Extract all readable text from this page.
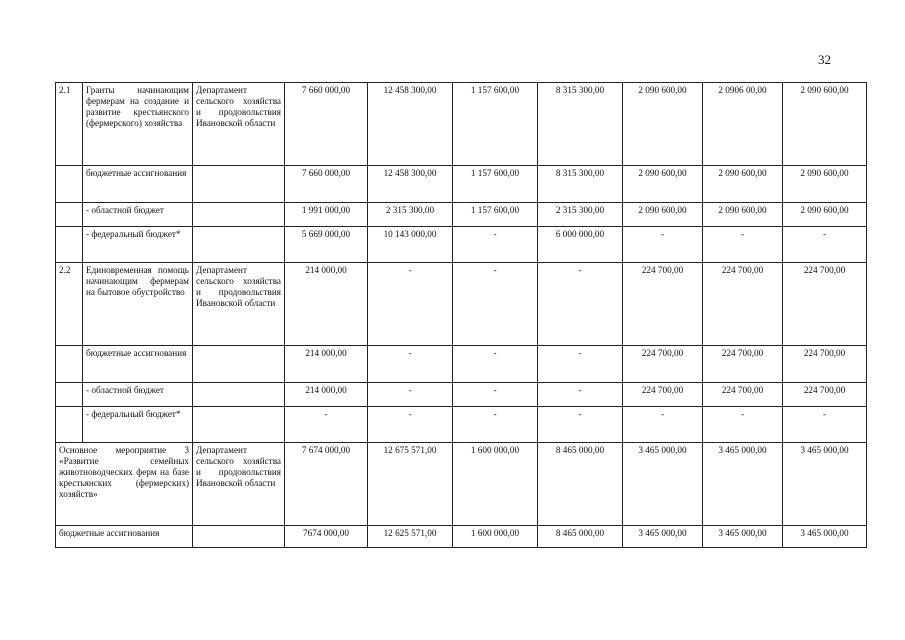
32
2.1	Гранты начинающим фермерам на создание и развитие крестьянского (фермерского) хозяйства	Департамент сельского хозяйства и продовольствия Ивановской области	7 660 000,00	12 458 300,00	1 157 600,00	8 315 300,00	2 090 600,00	2 0906 00,00	2 090 600,00
	бюджетные ассигнования		7 660 000,00	12 458 300,00	1 157 600,00	8 315 300,00	2 090 600,00	2 090 600,00	2 090 600,00
	- областной бюджет		1 991 000,00	2 315 300,00	1 157 600,00	2 315 300,00	2 090 600,00	2 090 600,00	2 090 600,00
	- федеральный бюджет*		5 669 000,00	10 143 000,00	-	6 000 000,00	-	-	-
2.2	Единовременная помощь начинающим фермерам на бытовое обустройство	Департамент сельского хозяйства и продовольствия Ивановской области	214 000,00	-	-	-	224 700,00	224 700,00	224 700,00
	бюджетные ассигнования		214 000,00	-	-	-	224 700,00	224 700,00	224 700,00
	- областной бюджет		214 000,00	-	-	-	224 700,00	224 700,00	224 700,00
	- федеральный бюджет*		-	-	-	-	-	-	-
Основное мероприятие 3 «Развитие семейных животноводческих ферм на базе крестьянских (фермерских) хозяйств»		Департамент сельского хозяйства и продовольствия Ивановской области	7 674 000,00	12 675 571,00	1 600 000,00	8 465 000,00	3 465 000,00	3 465 000,00	3 465 000,00
бюджетные ассигнования			7674 000,00	12 625 571,00	1 600 000,00	8 465 000,00	3 465 000,00	3 465 000,00	3 465 000,00
